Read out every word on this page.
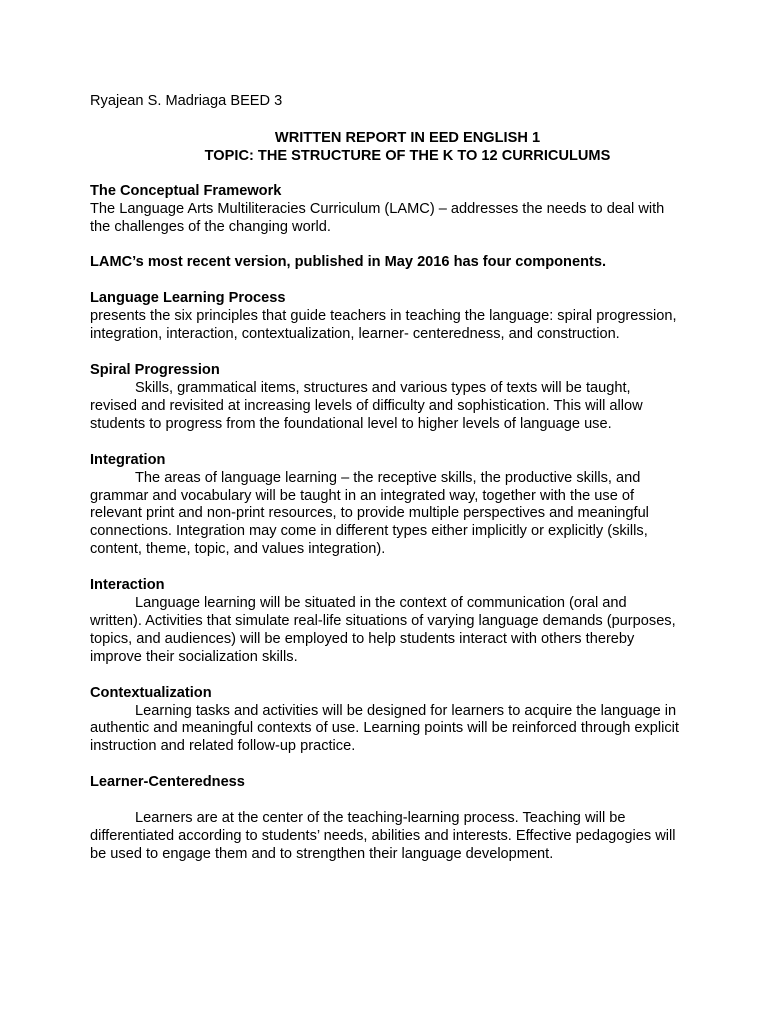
Ryajean S. Madriaga BEED 3

WRITTEN REPORT IN EED ENGLISH 1
TOPIC: THE STRUCTURE OF THE K TO 12 CURRICULUMS

The Conceptual Framework

The Language Arts Multiliteracies Curriculum (LAMC) – addresses the needs to deal with the challenges of the changing world.

LAMC’s most recent version, published in May 2016 has four components.

Language Learning Process

presents the six principles that guide teachers in teaching the language: spiral progression, integration, interaction, contextualization, learner- centeredness, and construction.

Spiral Progression

Skills, grammatical items, structures and various types of texts will be taught, revised and revisited at increasing levels of difficulty and sophistication. This will allow students to progress from the foundational level to higher levels of language use.

Integration

The areas of language learning – the receptive skills, the productive skills, and grammar and vocabulary will be taught in an integrated way, together with the use of relevant print and non-print resources, to provide multiple perspectives and meaningful connections. Integration may come in different types either implicitly or explicitly (skills, content, theme, topic, and values integration).

Interaction

Language learning will be situated in the context of communication (oral and written). Activities that simulate real-life situations of varying language demands (purposes,

topics, and audiences) will be employed to help students interact with others thereby improve their socialization skills.

Contextualization

Learning tasks and activities will be designed for learners to acquire the language in authentic and meaningful contexts of use. Learning points will be reinforced through explicit instruction and related follow-up practice.

Learner-Centeredness

Learners are at the center of the teaching-learning process. Teaching will be differentiated according to students’ needs, abilities and interests. Effective pedagogies will be used to engage them and to strengthen their language development.
